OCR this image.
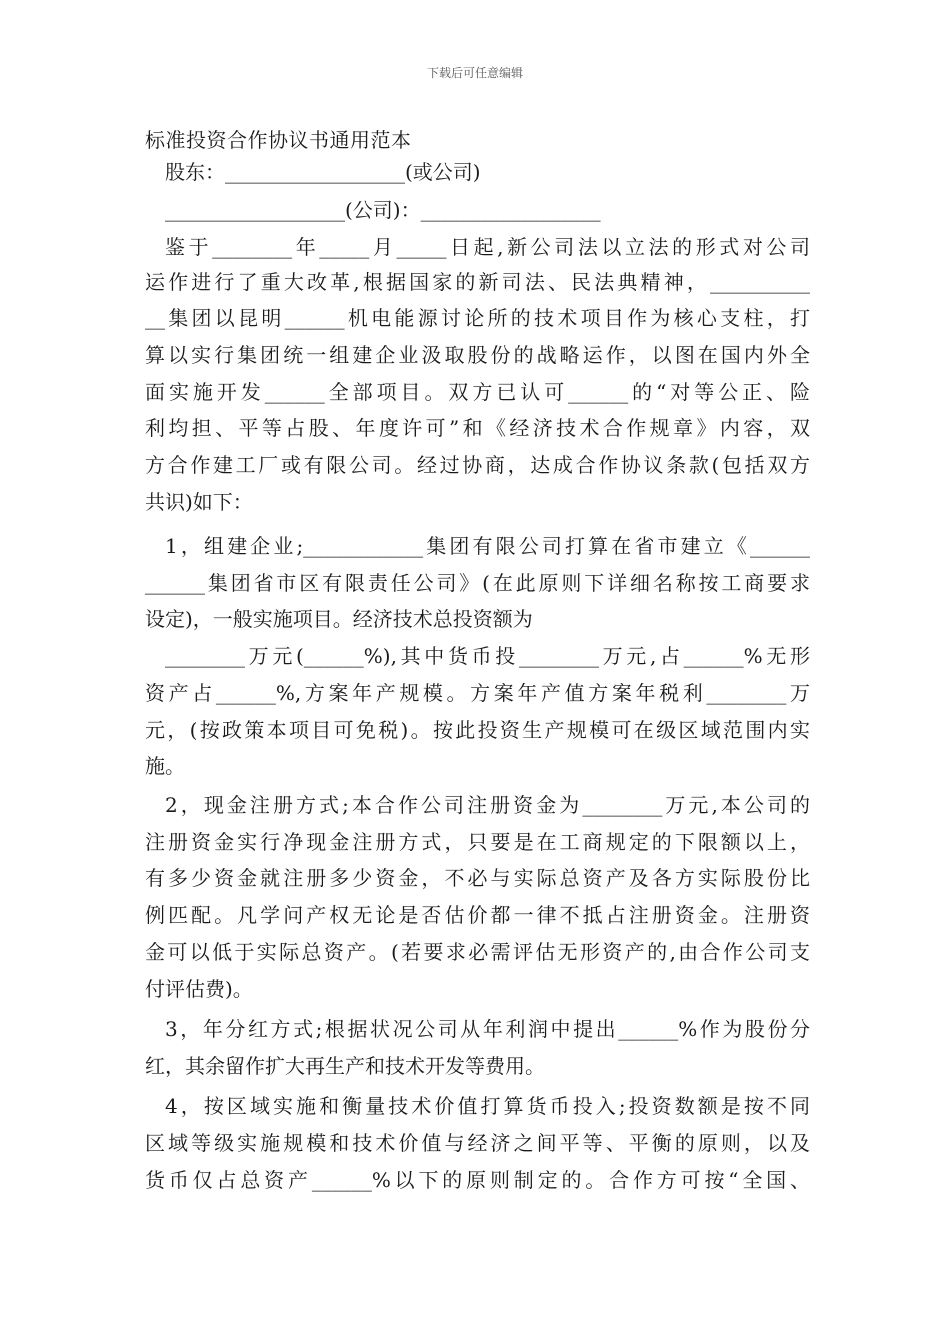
下载后可任意编辑
标准投资合作协议书通用范本
股东：__________________(或公司)
__________________(公司)：__________________
鉴于________年_____月_____日起,新公司法以立法的形式对公司
运作进行了重大改革,根据国家的新司法、民法典精神，__________
__集团以昆明______机电能源讨论所的技术项目作为核心支柱，打
算以实行集团统一组建企业汲取股份的战略运作，以图在国内外全
面实施开发______全部项目。双方已认可______的“对等公正、险
利均担、平等占股、年度许可”和《经济技术合作规章》内容，双
方合作建工厂或有限公司。经过协商，达成合作协议条款(包括双方
共识)如下：
1，组建企业;____________集团有限公司打算在省市建立《______
______集团省市区有限责任公司》(在此原则下详细名称按工商要求
设定)，一般实施项目。经济技术总投资额为
________万元(______%),其中货币投________万元,占______%无形
资产占______%,方案年产规模。方案年产值方案年税利________万
元，(按政策本项目可免税)。按此投资生产规模可在级区域范围内实
施。
2，现金注册方式;本合作公司注册资金为________万元,本公司的
注册资金实行净现金注册方式，只要是在工商规定的下限额以上，
有多少资金就注册多少资金，不必与实际总资产及各方实际股份比
例匹配。凡学问产权无论是否估价都一律不抵占注册资金。注册资
金可以低于实际总资产。(若要求必需评估无形资产的,由合作公司支
付评估费)。
3，年分红方式;根据状况公司从年利润中提出______%作为股份分
红，其余留作扩大再生产和技术开发等费用。
4，按区域实施和衡量技术价值打算货币投入;投资数额是按不同
区域等级实施规模和技术价值与经济之间平等、平衡的原则，以及
货币仅占总资产______%以下的原则制定的。合作方可按“全国、
